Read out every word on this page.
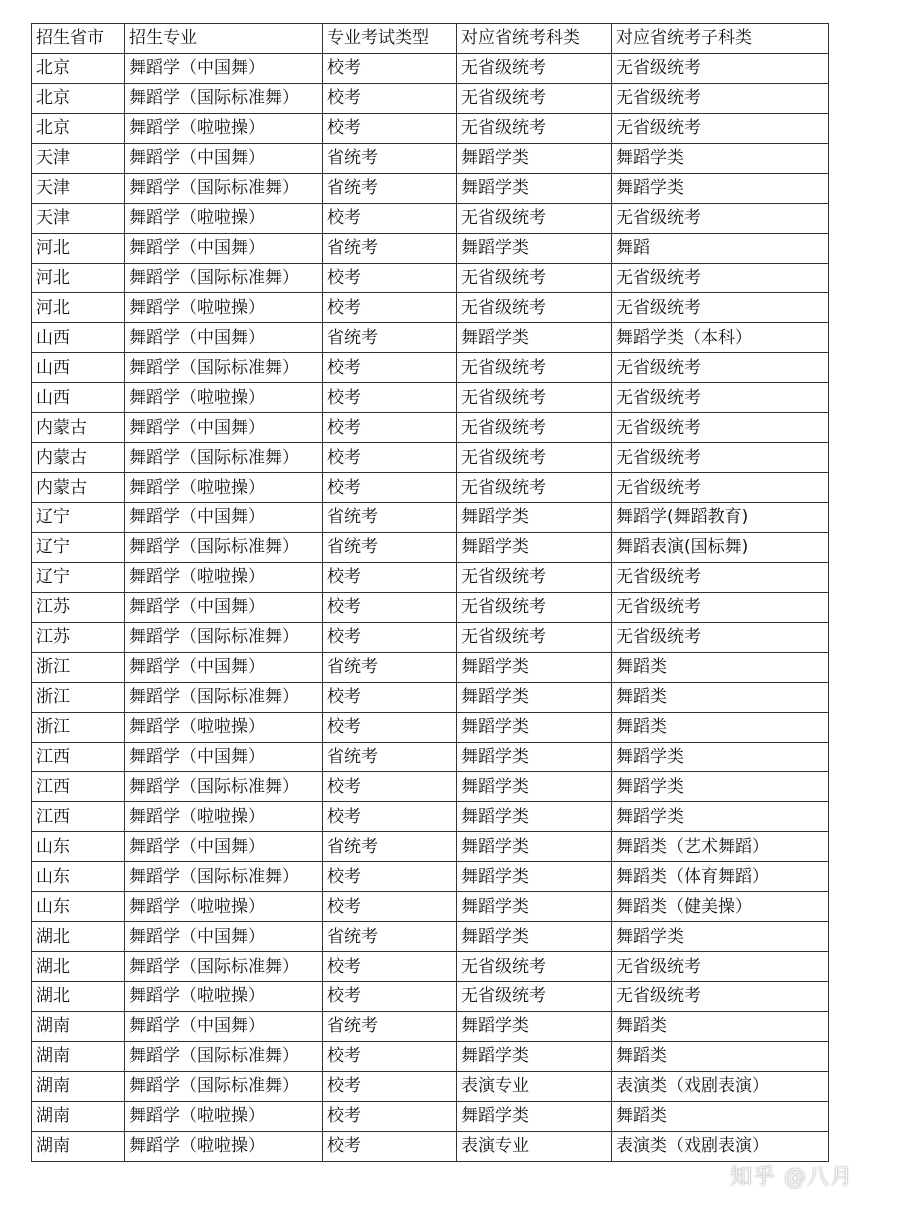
招生省市	招生专业	专业考试类型	对应省统考科类	对应省统考子科类
北京	舞蹈学（中国舞）	校考	无省级统考	无省级统考
北京	舞蹈学（国际标准舞）	校考	无省级统考	无省级统考
北京	舞蹈学（啦啦操）	校考	无省级统考	无省级统考
天津	舞蹈学（中国舞）	省统考	舞蹈学类	舞蹈学类
天津	舞蹈学（国际标准舞）	省统考	舞蹈学类	舞蹈学类
天津	舞蹈学（啦啦操）	校考	无省级统考	无省级统考
河北	舞蹈学（中国舞）	省统考	舞蹈学类	舞蹈
河北	舞蹈学（国际标准舞）	校考	无省级统考	无省级统考
河北	舞蹈学（啦啦操）	校考	无省级统考	无省级统考
山西	舞蹈学（中国舞）	省统考	舞蹈学类	舞蹈学类（本科）
山西	舞蹈学（国际标准舞）	校考	无省级统考	无省级统考
山西	舞蹈学（啦啦操）	校考	无省级统考	无省级统考
内蒙古	舞蹈学（中国舞）	校考	无省级统考	无省级统考
内蒙古	舞蹈学（国际标准舞）	校考	无省级统考	无省级统考
内蒙古	舞蹈学（啦啦操）	校考	无省级统考	无省级统考
辽宁	舞蹈学（中国舞）	省统考	舞蹈学类	舞蹈学(舞蹈教育)
辽宁	舞蹈学（国际标准舞）	省统考	舞蹈学类	舞蹈表演(国标舞)
辽宁	舞蹈学（啦啦操）	校考	无省级统考	无省级统考
江苏	舞蹈学（中国舞）	校考	无省级统考	无省级统考
江苏	舞蹈学（国际标准舞）	校考	无省级统考	无省级统考
浙江	舞蹈学（中国舞）	省统考	舞蹈学类	舞蹈类
浙江	舞蹈学（国际标准舞）	校考	舞蹈学类	舞蹈类
浙江	舞蹈学（啦啦操）	校考	舞蹈学类	舞蹈类
江西	舞蹈学（中国舞）	省统考	舞蹈学类	舞蹈学类
江西	舞蹈学（国际标准舞）	校考	舞蹈学类	舞蹈学类
江西	舞蹈学（啦啦操）	校考	舞蹈学类	舞蹈学类
山东	舞蹈学（中国舞）	省统考	舞蹈学类	舞蹈类（艺术舞蹈）
山东	舞蹈学（国际标准舞）	校考	舞蹈学类	舞蹈类（体育舞蹈）
山东	舞蹈学（啦啦操）	校考	舞蹈学类	舞蹈类（健美操）
湖北	舞蹈学（中国舞）	省统考	舞蹈学类	舞蹈学类
湖北	舞蹈学（国际标准舞）	校考	无省级统考	无省级统考
湖北	舞蹈学（啦啦操）	校考	无省级统考	无省级统考
湖南	舞蹈学（中国舞）	省统考	舞蹈学类	舞蹈类
湖南	舞蹈学（国际标准舞）	校考	舞蹈学类	舞蹈类
湖南	舞蹈学（国际标准舞）	校考	表演专业	表演类（戏剧表演）
湖南	舞蹈学（啦啦操）	校考	舞蹈学类	舞蹈类
湖南	舞蹈学（啦啦操）	校考	表演专业	表演类（戏剧表演）
知乎 @八月
